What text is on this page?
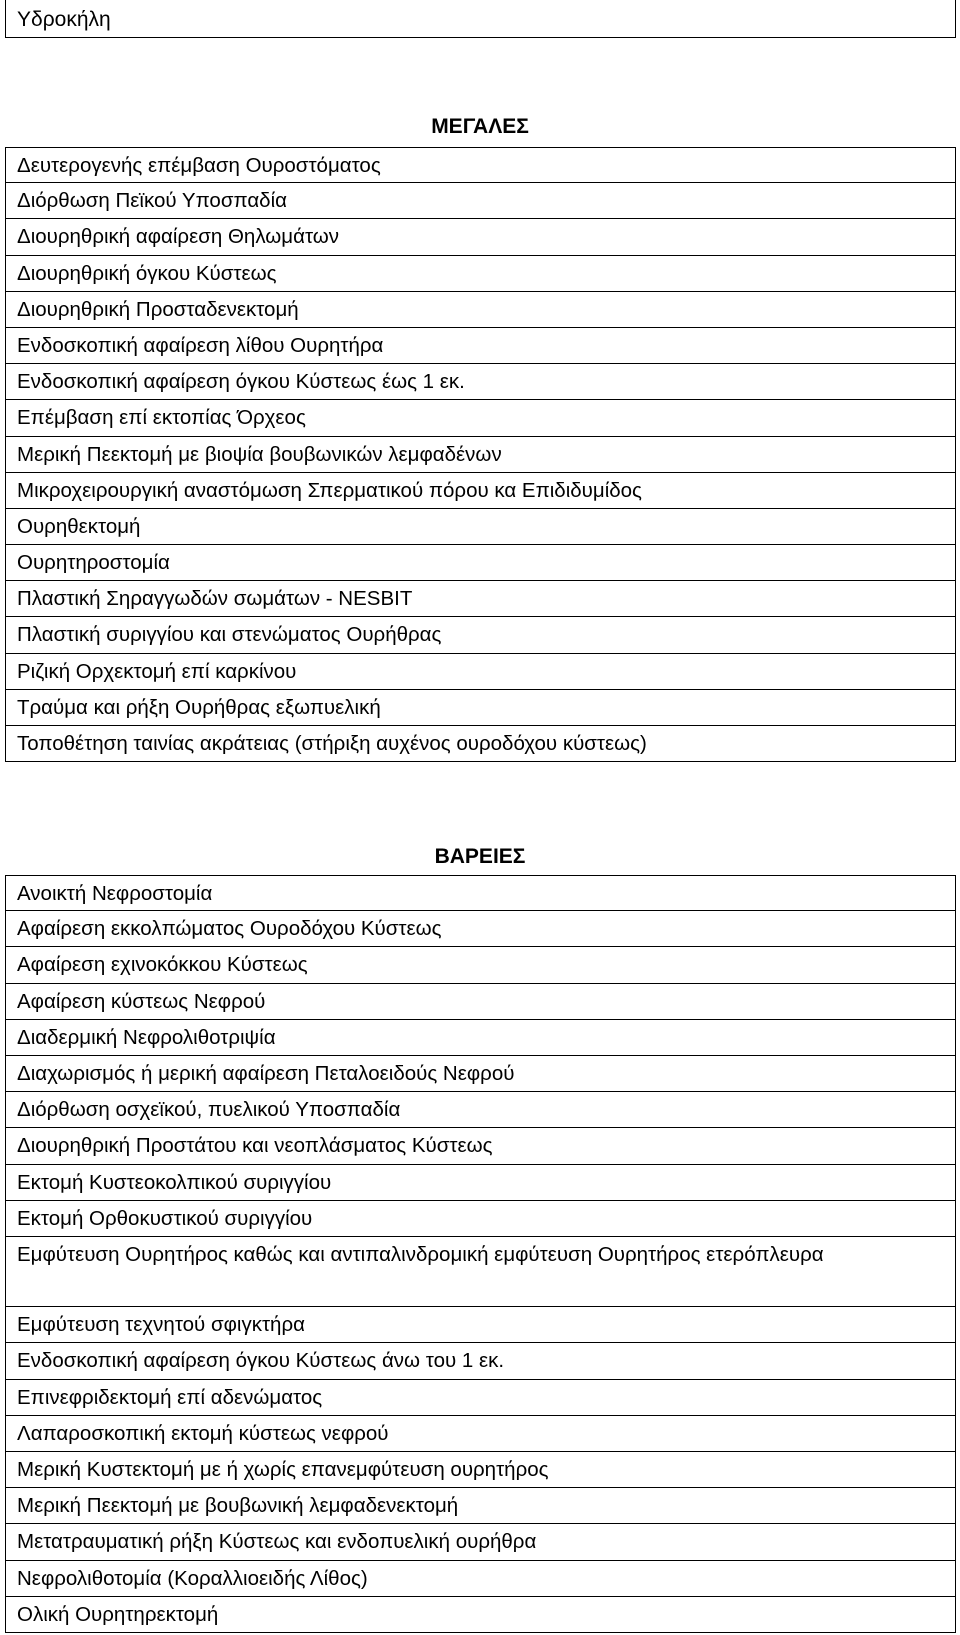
Υδροκήλη
ΜΕΓΑΛΕΣ
Δευτερογενής επέμβαση Ουροστόματος
Διόρθωση Πεϊκού Υποσπαδία
Διουρηθρική αφαίρεση Θηλωμάτων
Διουρηθρική όγκου Κύστεως
Διουρηθρική Προσταδενεκτομή
Ενδοσκοπική αφαίρεση λίθου Ουρητήρα
Ενδοσκοπική αφαίρεση όγκου Κύστεως έως 1 εκ.
Επέμβαση επί εκτοπίας Όρχεος
Μερική Πεεκτομή με βιοψία βουβωνικών λεμφαδένων
Μικροχειρουργική αναστόμωση Σπερματικού πόρου κα Επιδιδυμίδος
Ουρηθεκτομή
Ουρητηροστομία
Πλαστική Σηραγγωδών σωμάτων - NESBIT
Πλαστική συριγγίου και στενώματος Ουρήθρας
Ριζική Ορχεκτομή επί καρκίνου
Τραύμα και ρήξη Ουρήθρας εξωπυελική
Τοποθέτηση ταινίας ακράτειας (στήριξη αυχένος ουροδόχου κύστεως)
ΒΑΡΕΙΕΣ
Ανοικτή Νεφροστομία
Αφαίρεση εκκολπώματος Ουροδόχου Κύστεως
Αφαίρεση εχινοκόκκου Κύστεως
Αφαίρεση κύστεως Νεφρού
Διαδερμική Νεφρολιθοτριψία
Διαχωρισμός ή μερική αφαίρεση Πεταλοειδούς Νεφρού
Διόρθωση οσχεϊκού, πυελικού Υποσπαδία
Διουρηθρική Προστάτου και νεοπλάσματος Κύστεως
Εκτομή Κυστεοκολπικού συριγγίου
Εκτομή Ορθοκυστικού συριγγίου
Εμφύτευση Ουρητήρος καθώς και αντιπαλινδρομική εμφύτευση Ουρητήρος ετερόπλευρα
Εμφύτευση τεχνητού σφιγκτήρα
Ενδοσκοπική αφαίρεση όγκου Κύστεως άνω του 1 εκ.
Επινεφριδεκτομή επί αδενώματος
Λαπαροσκοπική εκτομή κύστεως νεφρού
Μερική Κυστεκτομή με ή χωρίς επανεμφύτευση ουρητήρος
Μερική Πεεκτομή με βουβωνική λεμφαδενεκτομή
Μετατραυματική ρήξη Κύστεως και ενδοπυελική ουρήθρα
Νεφρολιθοτομία (Κοραλλιοειδής Λίθος)
Ολική Ουρητηρεκτομή
